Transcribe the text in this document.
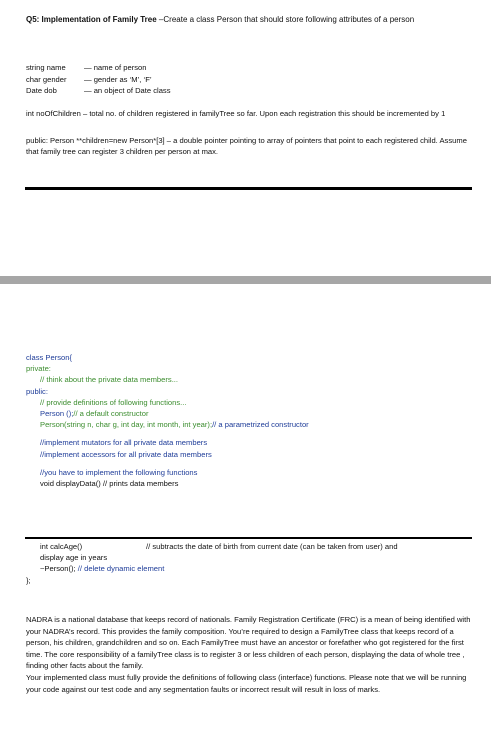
Q5: Implementation of Family Tree –Create a class Person that should store following attributes of a person
string name	— name of person
char gender	— gender as ‘M’, ‘F’
Date dob	— an object of Date class
int noOfChildren – total no. of children registered in familyTree so far. Upon each registration this should be incremented by 1
public: Person **children=new Person*[3] – a double pointer pointing to array of pointers that point to each registered child. Assume that family tree can register 3 children per person at max.
class Person{
private:
// think about the private data members...
public:
// provide definitions of following functions...
Person ();// a default constructor
Person(string n, char g, int day, int month, int year);// a parametrized constructor
//implement mutators for all private data members
//implement accessors for all private data members
//you have to implement the following functions
void displayData() // prints data members
int calcAge()	// subtracts the date of birth from current date (can be taken from user) and
display age in years
~Person(); // delete dynamic element
};
NADRA is a national database that keeps record of nationals. Family Registration Certificate (FRC) is a mean of being identified with your NADRA’s record. This provides the family composition. You’re required to design a FamilyTree class that keeps record of a person, his children, grandchildren and so on. Each FamilyTree must have an ancestor or forefather who got registered for the first time. The core responsibility of a familyTree class is to register 3 or less children of each person, displaying the data of whole tree , finding other facts about the family.
Your implemented class must fully provide the definitions of following class (interface) functions. Please note that we will be running your code against our test code and any segmentation faults or incorrect result will result in loss of marks.
